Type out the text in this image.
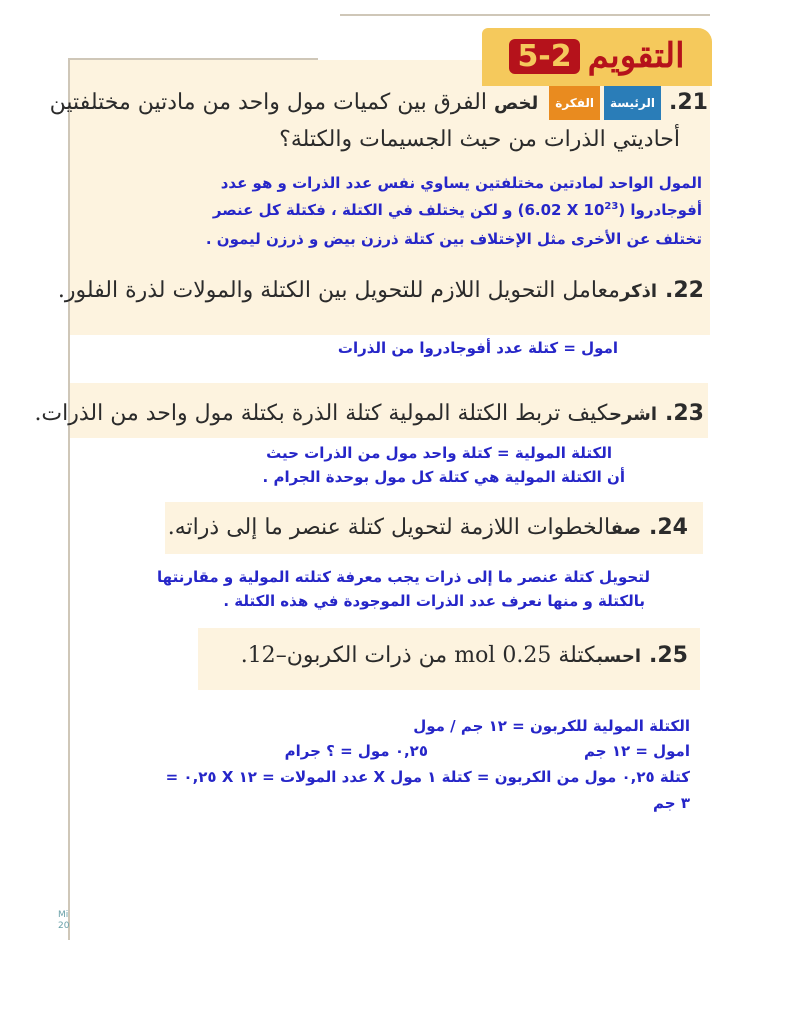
التقويم
5-2
21.الرئيسةالفكرة لخص الفرق بين كميات مول واحد من مادتين مختلفتين
أحاديتي الذرات من حيث الجسيمات والكتلة؟
المول الواحد لمادتين مختلفتين يساوي نفس عدد الذرات و هو عدد
أفوجادروا (6.02 X $10^{23}$) و لكن يختلف في الكتلة ، فكتلة كل عنصر
تختلف عن الأخرى مثل الإختلاف بين كتلة ذرزن بيض و ذرزن ليمون .
22.اذكرمعامل التحويل اللازم للتحويل بين الكتلة والمولات لذرة الفلور.
امول = كتلة عدد أفوجادروا من الذرات
23.اشرحكيف تربط الكتلة المولية كتلة الذرة بكتلة مول واحد من الذرات.
الكتلة المولية = كتلة واحد مول من الذرات حيث
أن الكتلة المولية هي كتلة كل مول بوحدة الجرام .
24.صفالخطوات اللازمة لتحويل كتلة عنصر ما إلى ذراته.
لتحويل كتلة عنصر ما إلى ذرات يجب معرفة كتلته المولية و مقارنتها
بالكتلة و منها نعرف عدد الذرات الموجودة في هذه الكتلة .
25.احسبكتلة 0.25 mol من ذرات الكربون–12.
الكتلة المولية للكربون = ١٢ جم / مول
امول = ١٢ جم
٠,٢٥ مول = ؟ جرام
كتلة ٠,٢٥ مول من الكربون = كتلة ١ مول X عدد المولات = ١٢ X ٠,٢٥ =
٣ جم
Mi
20
